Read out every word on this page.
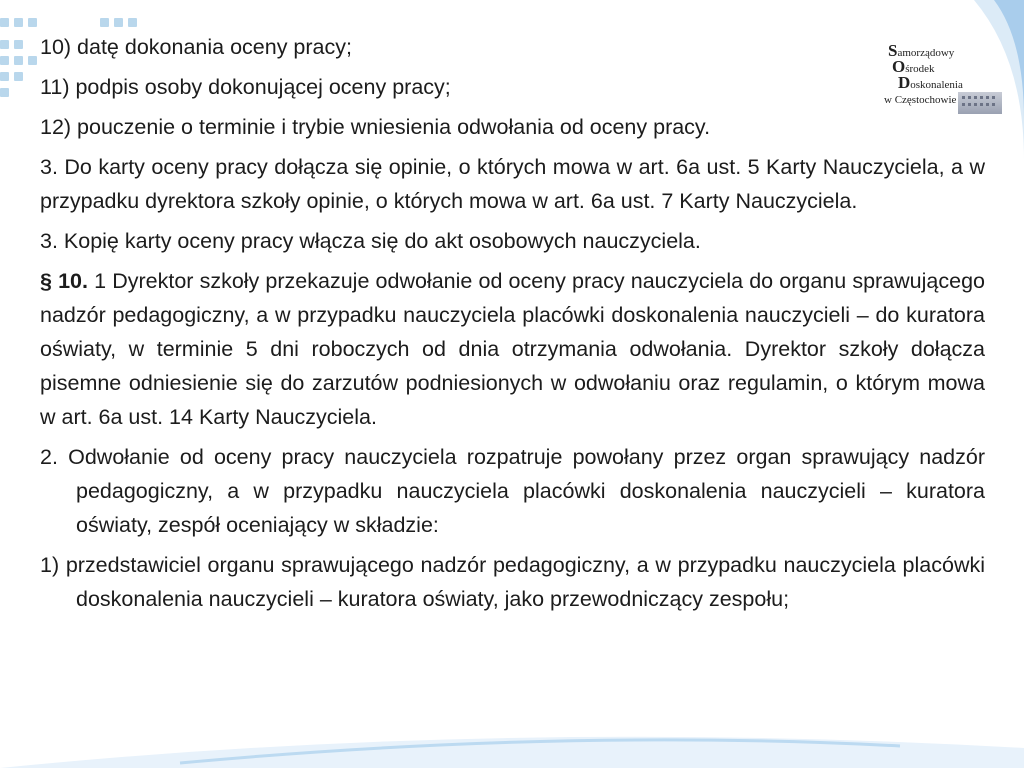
Samorządowy
Ośrodek
Doskonalenia
w Częstochowie

10) datę dokonania oceny pracy;

11) podpis osoby dokonującej oceny pracy;

12) pouczenie o terminie i trybie wniesienia odwołania od oceny pracy.

3. Do karty oceny pracy dołącza się opinie, o których mowa w art. 6a ust. 5 Karty Nauczyciela, a w przypadku dyrektora szkoły opinie, o których mowa w art. 6a ust. 7 Karty Nauczyciela.

3. Kopię karty oceny pracy włącza się do akt osobowych nauczyciela.

§ 10. 1 Dyrektor szkoły przekazuje odwołanie od oceny pracy nauczyciela do organu sprawującego nadzór pedagogiczny, a w przypadku nauczyciela placówki doskonalenia nauczycieli – do kuratora oświaty, w terminie 5 dni roboczych od dnia otrzymania odwołania. Dyrektor szkoły dołącza pisemne odniesienie się do zarzutów podniesionych w odwołaniu oraz regulamin, o którym mowa w art. 6a ust. 14 Karty Nauczyciela.

2. Odwołanie od oceny pracy nauczyciela rozpatruje powołany przez organ sprawujący nadzór pedagogiczny, a w przypadku nauczyciela placówki doskonalenia nauczycieli – kuratora oświaty, zespół oceniający w składzie:

1) przedstawiciel organu sprawującego nadzór pedagogiczny, a w przypadku nauczyciela placówki doskonalenia nauczycieli – kuratora oświaty, jako przewodniczący zespołu;
